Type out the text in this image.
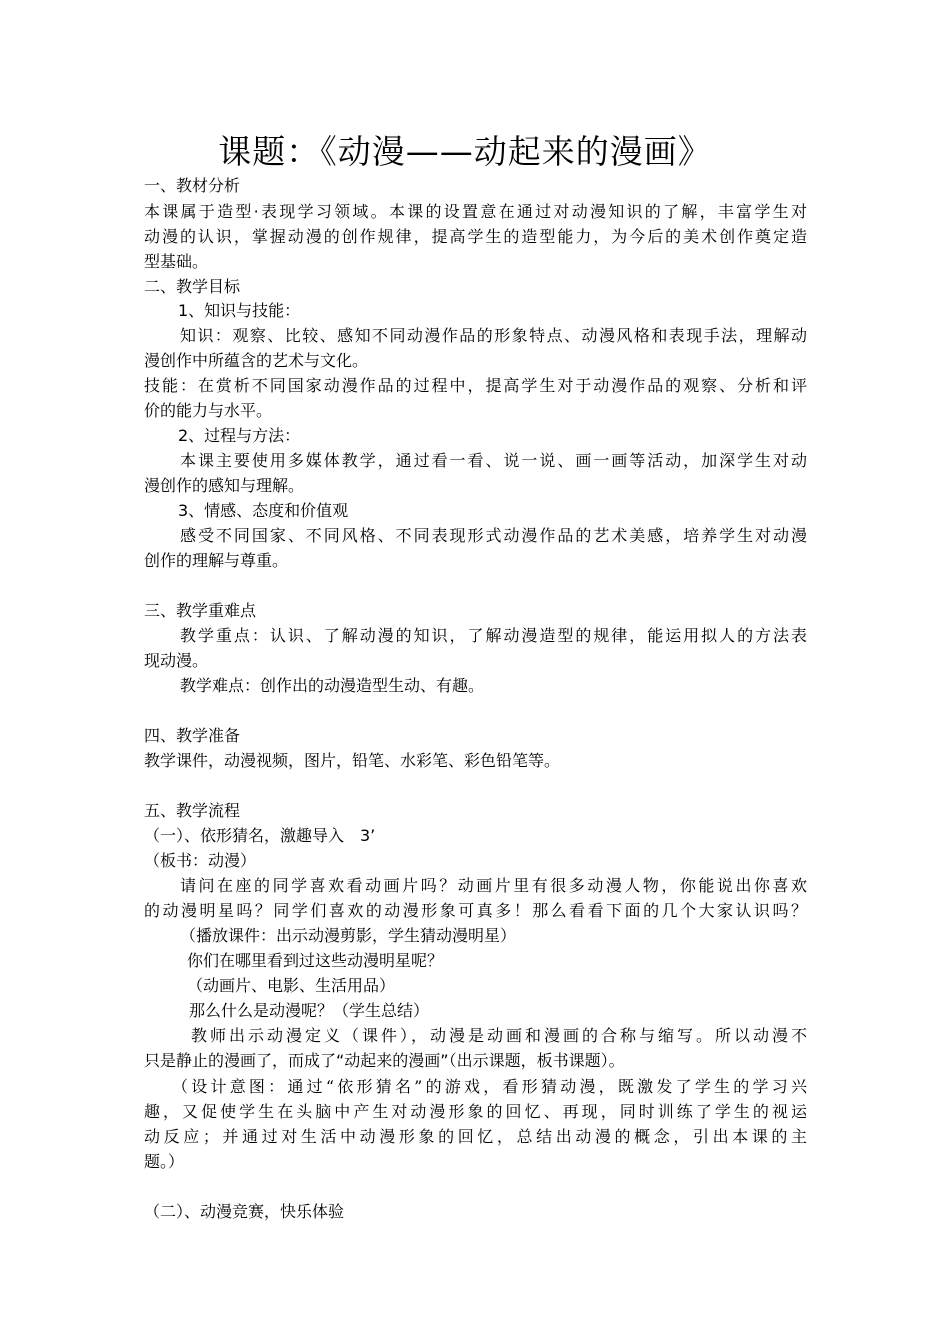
课题：《动漫——动起来的漫画》
一、教材分析
本课属于造型·表现学习领域。本课的设置意在通过对动漫知识的了解，丰富学生对
动漫的认识，掌握动漫的创作规律，提高学生的造型能力，为今后的美术创作奠定造
型基础。
二、教学目标
1、知识与技能：
知识：观察、比较、感知不同动漫作品的形象特点、动漫风格和表现手法，理解动
漫创作中所蕴含的艺术与文化。
技能：在赏析不同国家动漫作品的过程中，提高学生对于动漫作品的观察、分析和评
价的能力与水平。
2、过程与方法：
本课主要使用多媒体教学，通过看一看、说一说、画一画等活动，加深学生对动
漫创作的感知与理解。
3、情感、态度和价值观
感受不同国家、不同风格、不同表现形式动漫作品的艺术美感，培养学生对动漫
创作的理解与尊重。
三、教学重难点
教学重点：认识、了解动漫的知识，了解动漫造型的规律，能运用拟人的方法表
现动漫。
教学难点：创作出的动漫造型生动、有趣。
四、教学准备
教学课件，动漫视频，图片，铅笔、水彩笔、彩色铅笔等。
五、教学流程
（一）、依形猜名，激趣导入　3’
（板书：动漫）
请问在座的同学喜欢看动画片吗？动画片里有很多动漫人物，你能说出你喜欢
的动漫明星吗？同学们喜欢的动漫形象可真多！那么看看下面的几个大家认识吗？
（播放课件：出示动漫剪影，学生猜动漫明星）
你们在哪里看到过这些动漫明星呢？
（动画片、电影、生活用品）
那么什么是动漫呢？（学生总结）
教师出示动漫定义（课件），动漫是动画和漫画的合称与缩写。所以动漫不
只是静止的漫画了，而成了“动起来的漫画”（出示课题，板书课题）。
（设计意图：通过“依形猜名”的游戏，看形猜动漫，既激发了学生的学习兴
趣，又促使学生在头脑中产生对动漫形象的回忆、再现，同时训练了学生的视运
动反应；并通过对生活中动漫形象的回忆，总结出动漫的概念，引出本课的主
题。）
（二）、动漫竞赛，快乐体验
